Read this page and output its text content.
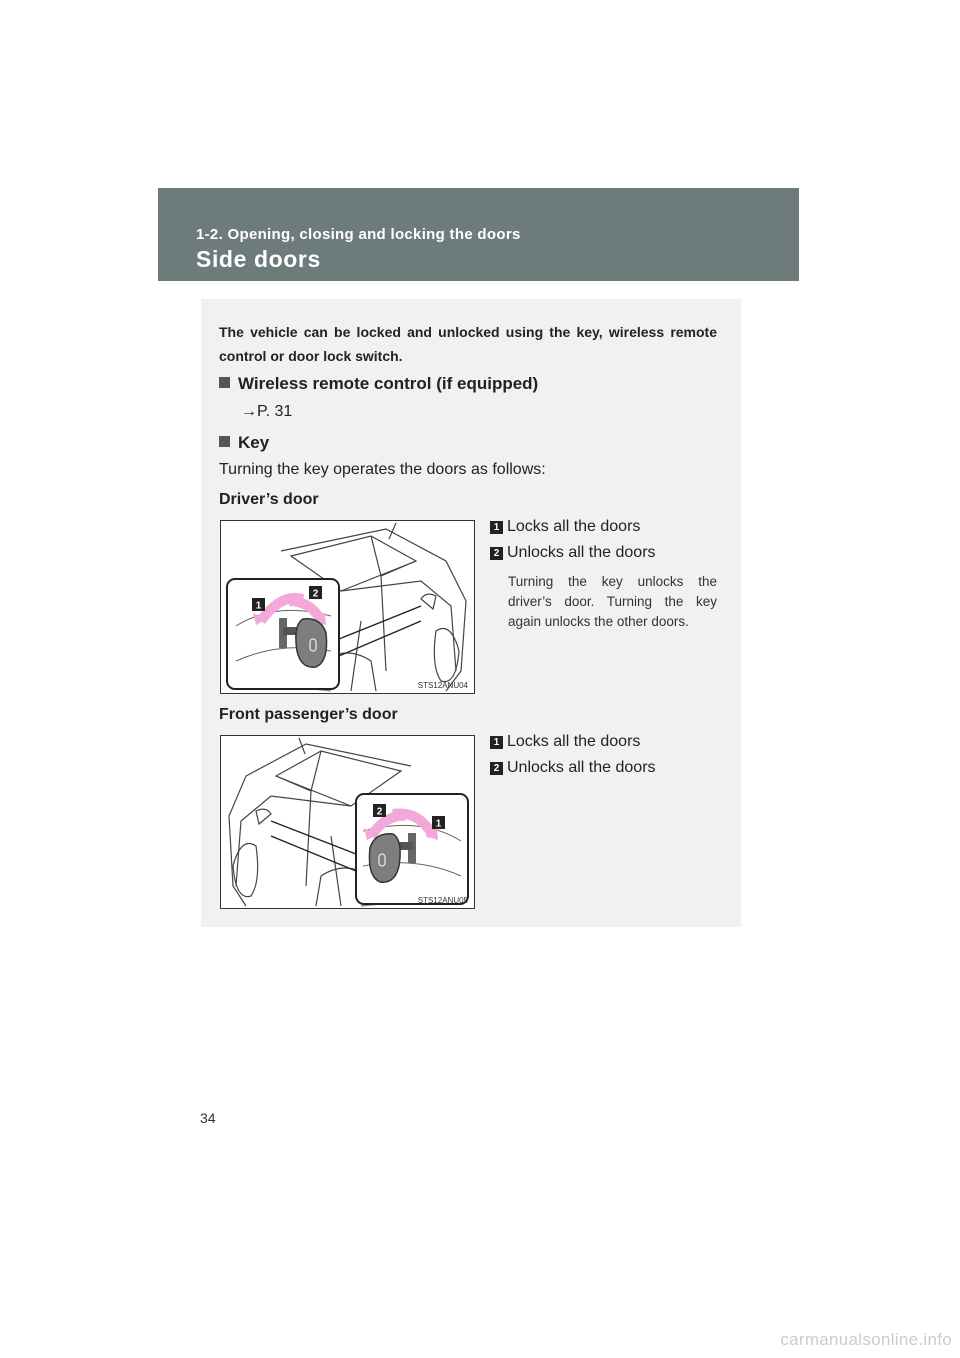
1-2. Opening, closing and locking the doors
Side doors
The vehicle can be locked and unlocked using the key, wireless remote control or door lock switch.
Wireless remote control (if equipped)
→P. 31
Key
Turning the key operates the doors as follows:
Driver’s door
1
2
STS12ANU04
1 Locks all the doors
2 Unlocks all the doors
Turning the key unlocks the driver’s door. Turning the key again unlocks the other doors.
Front passenger’s door
2
1
STS12ANU05
1 Locks all the doors
2 Unlocks all the doors
34
carmanualsonline.info
